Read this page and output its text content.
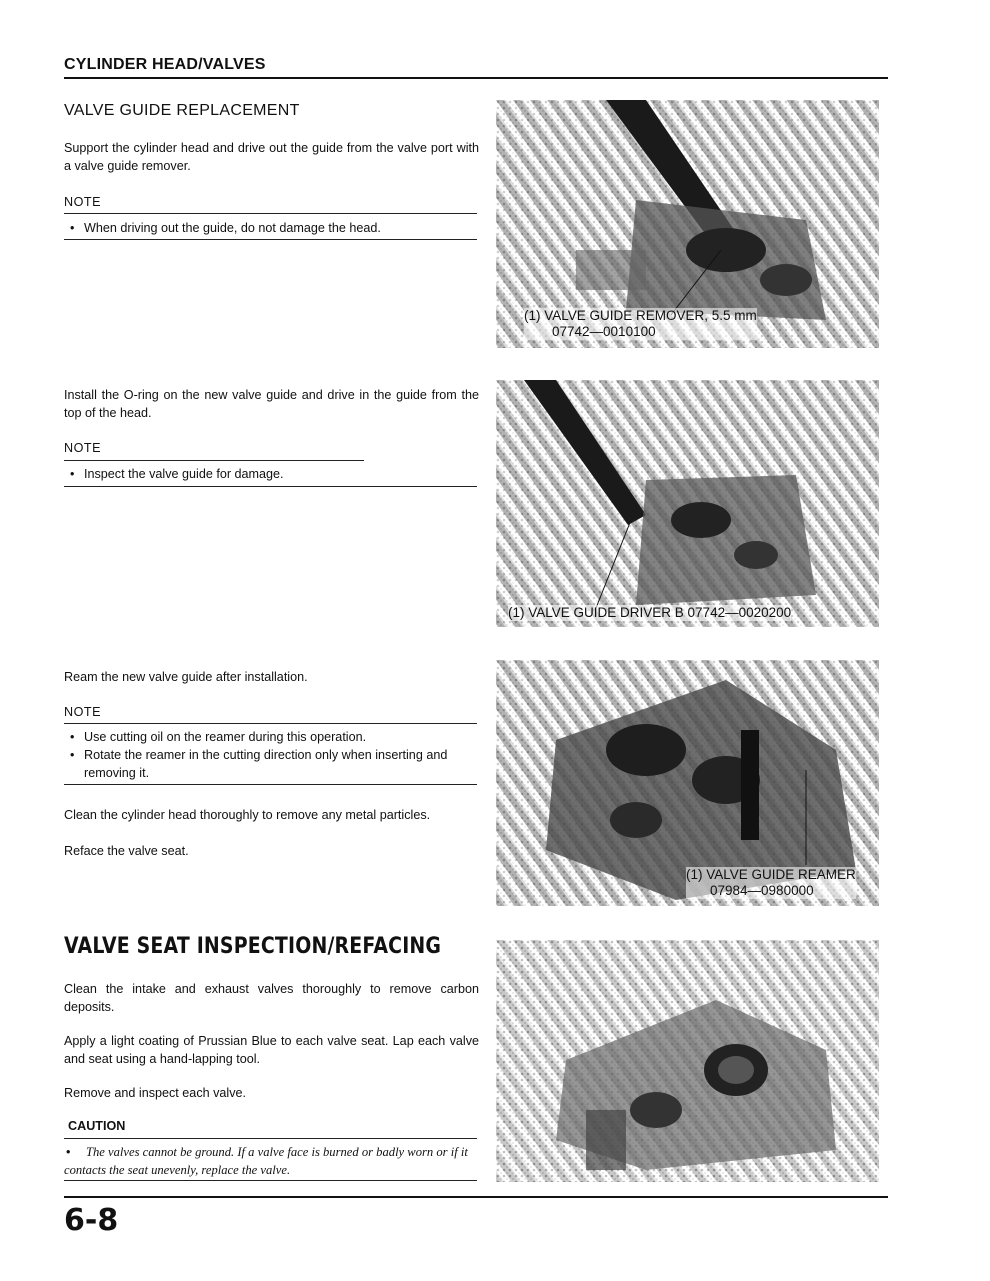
CYLINDER HEAD/VALVES
VALVE GUIDE REPLACEMENT
Support the cylinder head and drive out the guide from the valve port with a valve guide remover.
NOTE
• When driving out the guide, do not damage the head.
(1) VALVE GUIDE REMOVER, 5.5 mm
07742—0010100
Install the O-ring on the new valve guide and drive in the guide from the top of the head.
NOTE
• Inspect the valve guide for damage.
(1) VALVE GUIDE DRIVER B 07742—0020200
Ream the new valve guide after installation.
NOTE
• Use cutting oil on the reamer during this operation.
• Rotate the reamer in the cutting direction only when inserting and removing it.
Clean the cylinder head thoroughly to remove any metal particles.
Reface the valve seat.
(1) VALVE GUIDE REAMER
07984—0980000
VALVE SEAT INSPECTION/REFACING
Clean the intake and exhaust valves thoroughly to remove carbon deposits.
Apply a light coating of Prussian Blue to each valve seat. Lap each valve and seat using a hand-lapping tool.
Remove and inspect each valve.
CAUTION
• The valves cannot be ground. If a valve face is burned or badly worn or if it contacts the seat unevenly, replace the valve.
6-8
